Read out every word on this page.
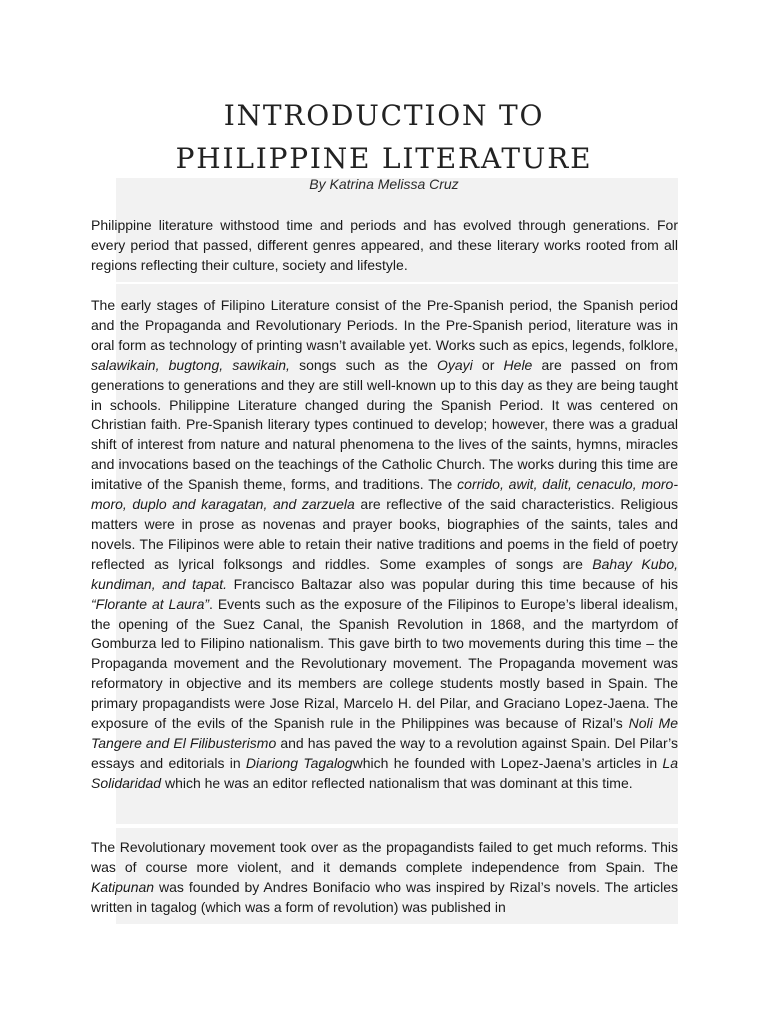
INTRODUCTION TO
PHILIPPINE LITERATURE

By Katrina Melissa Cruz

Philippine literature withstood time and periods and has evolved through generations. For every period that passed, different genres appeared, and these literary works rooted from all regions reflecting their culture, society and lifestyle.

The early stages of Filipino Literature consist of the Pre-Spanish period, the Spanish period and the Propaganda and Revolutionary Periods. In the Pre-Spanish period, literature was in oral form as technology of printing wasn’t available yet. Works such as epics, legends, folklore, salawikain, bugtong, sawikain, songs such as the Oyayi or Hele are passed on from generations to generations and they are still well-known up to this day as they are being taught in schools. Philippine Literature changed during the Spanish Period. It was centered on Christian faith. Pre-Spanish literary types continued to develop; however, there was a gradual shift of interest from nature and natural phenomena to the lives of the saints, hymns, miracles and invocations based on the teachings of the Catholic Church. The works during this time are imitative of the Spanish theme, forms, and traditions. The corrido, awit, dalit, cenaculo, moro-moro, duplo and karagatan, and zarzuela are reflective of the said characteristics. Religious matters were in prose as novenas and prayer books, biographies of the saints, tales and novels. The Filipinos were able to retain their native traditions and poems in the field of poetry reflected as lyrical folksongs and riddles. Some examples of songs are Bahay Kubo, kundiman, and tapat. Francisco Baltazar also was popular during this time because of his “Florante at Laura”. Events such as the exposure of the Filipinos to Europe’s liberal idealism, the opening of the Suez Canal, the Spanish Revolution in 1868, and the martyrdom of Gomburza led to Filipino nationalism. This gave birth to two movements during this time – the Propaganda movement and the Revolutionary movement. The Propaganda movement was reformatory in objective and its members are college students mostly based in Spain. The primary propagandists were Jose Rizal, Marcelo H. del Pilar, and Graciano Lopez-Jaena. The exposure of the evils of the Spanish rule in the Philippines was because of Rizal’s Noli Me Tangere and El Filibusterismo and has paved the way to a revolution against Spain. Del Pilar’s essays and editorials in Diariong Tagalogwhich he founded with Lopez-Jaena’s articles in La Solidaridad which he was an editor reflected nationalism that was dominant at this time.

The Revolutionary movement took over as the propagandists failed to get much reforms. This was of course more violent, and it demands complete independence from Spain. The Katipunan was founded by Andres Bonifacio who was inspired by Rizal’s novels. The articles written in tagalog (which was a form of revolution) was published in
